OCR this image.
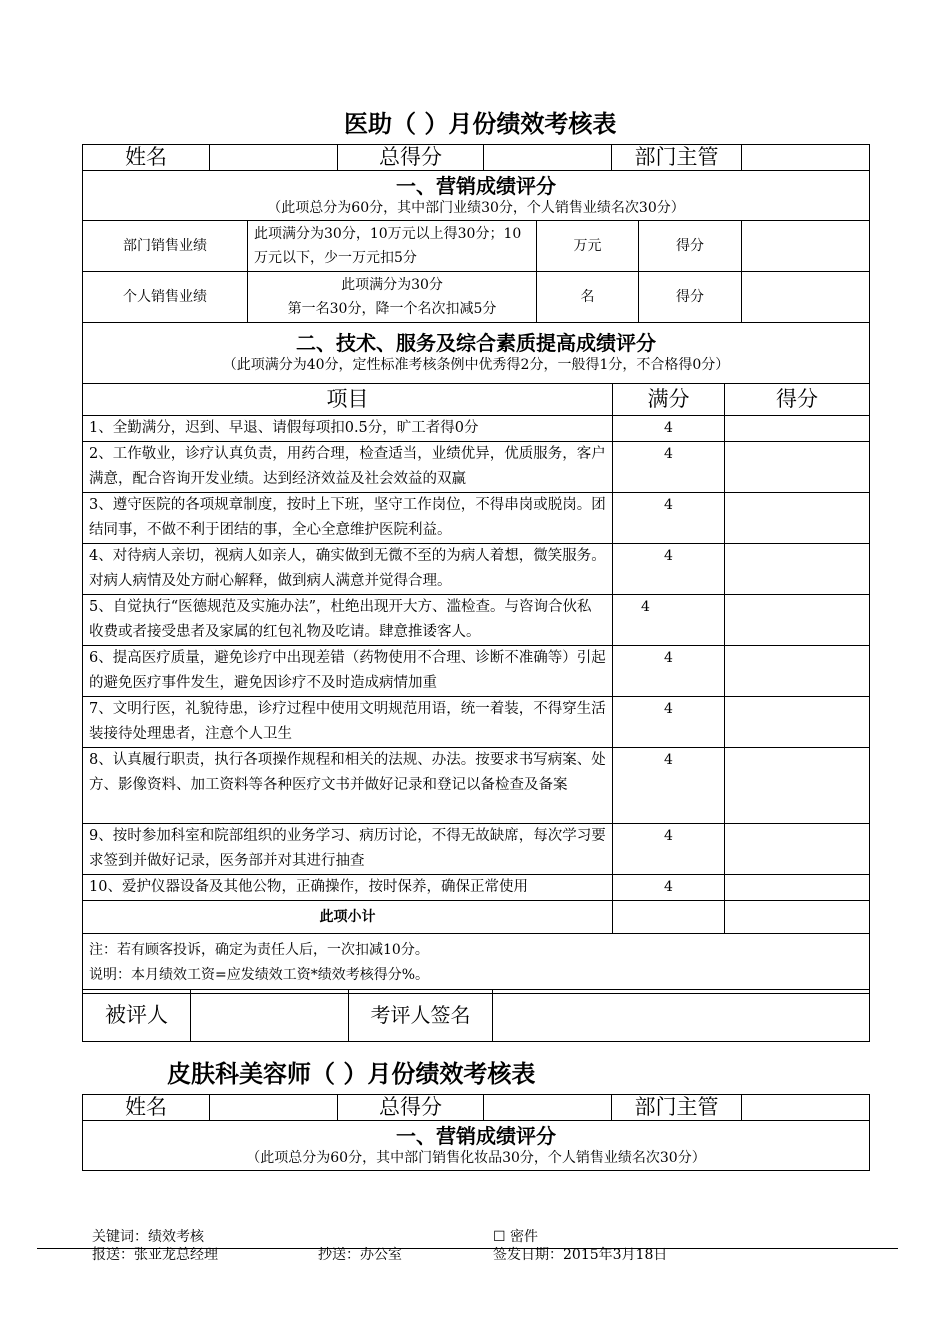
医助（ ）月份绩效考核表
姓名		总得分		部门主管	
一、营销成绩评分
（此项总分为60分，其中部门业绩30分，个人销售业绩名次30分）				

部门销售业绩	此项满分为30分，10万元以上得30分；10万元以下，少一万元扣5分	万元	得分	
个人销售业绩	此项满分为30分
第一名30分，降一个名次扣减5分	名	得分	
二、技术、服务及综合素质提高成绩评分
（此项满分为40分，定性标准考核条例中优秀得2分，一般得1分，不合格得0分）		

项目	满分	得分
1、全勤满分，迟到、早退、请假每项扣0.5分，旷工者得0分	4	
2、工作敬业，诊疗认真负责，用药合理，检查适当，业绩优异，优质服务，客户满意，配合咨询开发业绩。达到经济效益及社会效益的双赢	4	
3、遵守医院的各项规章制度，按时上下班，坚守工作岗位，不得串岗或脱岗。团结同事，不做不利于团结的事，全心全意维护医院利益。	4	
4、对待病人亲切，视病人如亲人，确实做到无微不至的为病人着想，微笑服务。对病人病情及处方耐心解释，做到病人满意并觉得合理。	4	
5、自觉执行“医德规范及实施办法”，杜绝出现开大方、滥检查。与咨询合伙私收费或者接受患者及家属的红包礼物及吃请。肆意推诿客人。	4	
6、提高医疗质量，避免诊疗中出现差错（药物使用不合理、诊断不准确等）引起的避免医疗事件发生，避免因诊疗不及时造成病情加重	4	
7、文明行医，礼貌待患，诊疗过程中使用文明规范用语，统一着装，不得穿生活装接待处理患者，注意个人卫生	4	
8、认真履行职责，执行各项操作规程和相关的法规、办法。按要求书写病案、处方、影像资料、加工资料等各种医疗文书并做好记录和登记以备检查及备案	4	
9、按时参加科室和院部组织的业务学习、病历讨论，不得无故缺席，每次学习要求签到并做好记录，医务部并对其进行抽查	4	
10、爱护仪器设备及其他公物，正确操作，按时保养，确保正常使用	4	
此项小计		

注：若有顾客投诉，确定为责任人后，一次扣减10分。
说明：本月绩效工资=应发绩效工资*绩效考核得分%。		
被评人		考评人签名	
皮肤科美容师（ ）月份绩效考核表
姓名		总得分		部门主管	

一、营销成绩评分
（此项总分为60分，其中部门销售化妆品30分，个人销售业绩名次30分）
关键词：绩效考核	☐ 密件
报送：张亚龙总经理	抄送：办公室	签发日期：2015年3月18日
